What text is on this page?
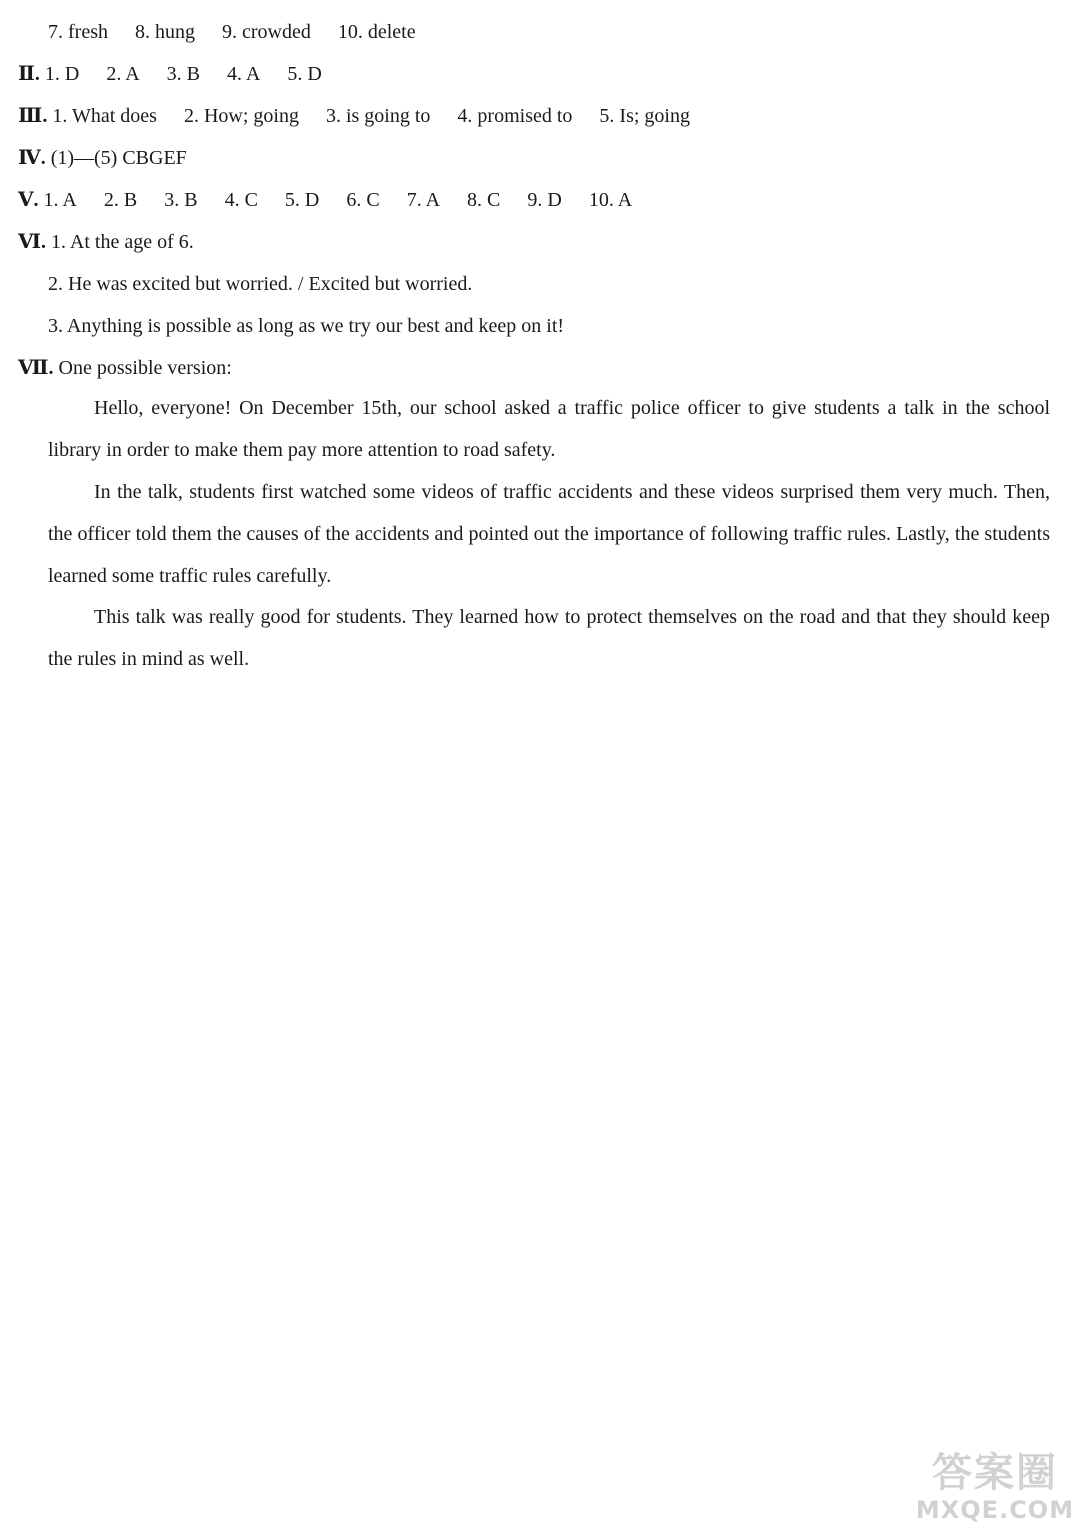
7. fresh 8. hung 9. crowded 10. delete
Ⅱ. 1. D 2. A 3. B 4. A 5. D
Ⅲ. 1. What does 2. How; going 3. is going to 4. promised to 5. Is; going
Ⅳ. (1)—(5) CBGEF
Ⅴ. 1. A 2. B 3. B 4. C 5. D 6. C 7. A 8. C 9. D 10. A
Ⅵ. 1. At the age of 6.
2. He was excited but worried. / Excited but worried.
3. Anything is possible as long as we try our best and keep on it!
Ⅶ. One possible version:

Hello, everyone! On December 15th, our school asked a traffic police officer to give students a talk in the school library in order to make them pay more attention to road safety.

In the talk, students first watched some videos of traffic accidents and these videos surprised them very much. Then, the officer told them the causes of the accidents and pointed out the importance of following traffic rules. Lastly, the students learned some traffic rules carefully.

This talk was really good for students. They learned how to protect themselves on the road and that they should keep the rules in mind as well.

答案圈
MXQE.COM
